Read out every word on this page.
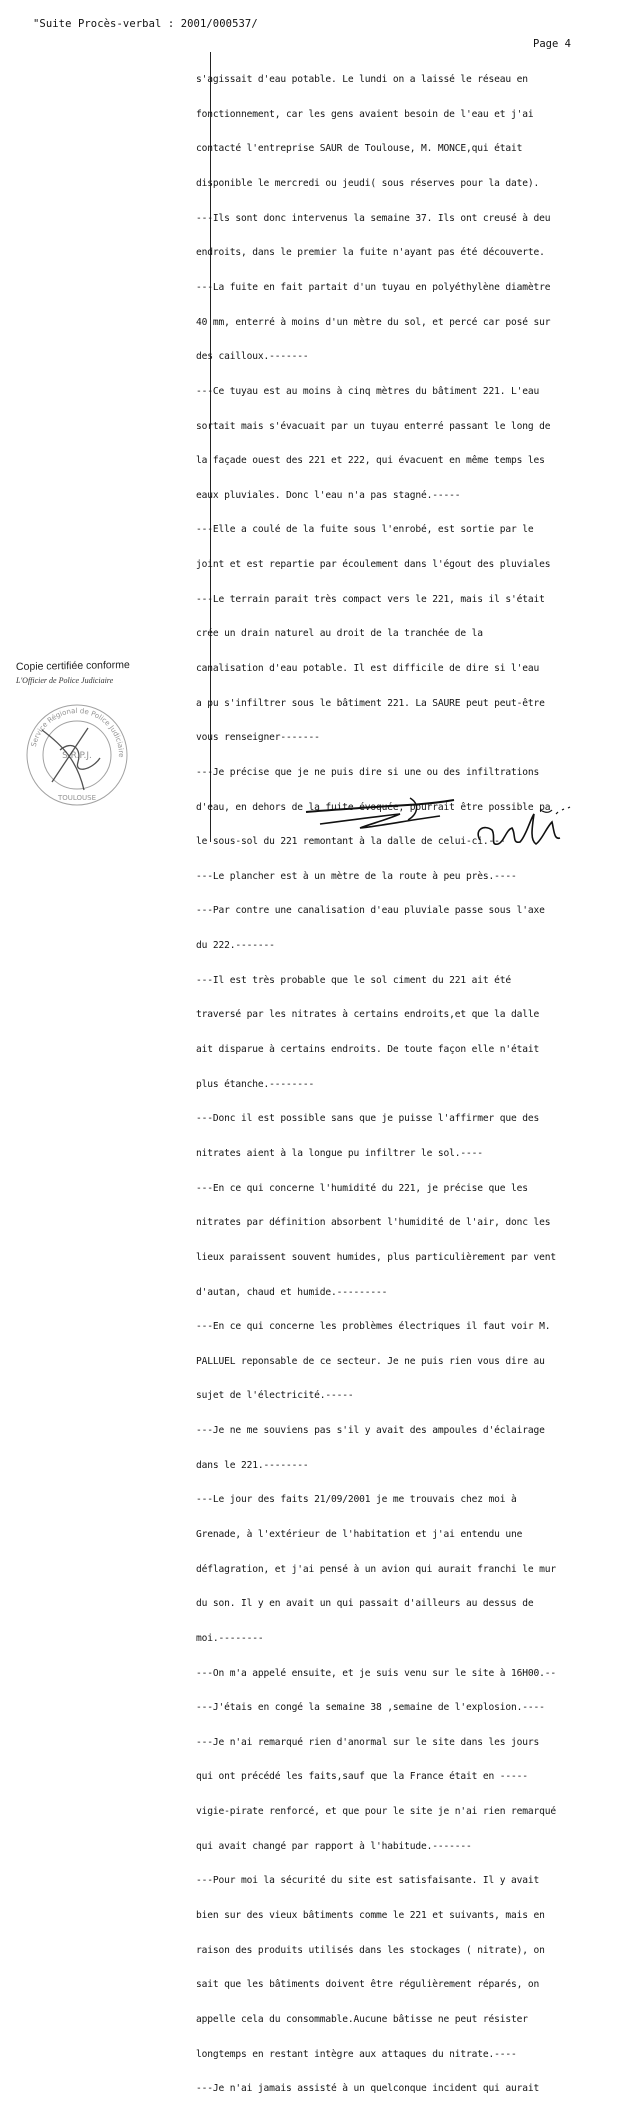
"Suite Procès-verbal : 2001/000537/
Page 4

s'agissait d'eau potable. Le lundi on a laissé le réseau en

fonctionnement, car les gens avaient besoin de l'eau et j'ai

contacté l'entreprise SAUR de Toulouse, M. MONCE,qui était

disponible le mercredi ou jeudi( sous réserves pour la date).

---Ils sont donc intervenus la semaine 37. Ils ont creusé à deu

endroits, dans le premier la fuite n'ayant pas été découverte.

---La fuite en fait partait d'un tuyau en polyéthylène diamètre

40 mm, enterré à moins d'un mètre du sol, et percé car posé sur

des cailloux.-------

---Ce tuyau est au moins à cinq mètres du bâtiment 221. L'eau

sortait mais s'évacuait par un tuyau enterré passant le long de

la façade ouest des 221 et 222, qui évacuent en même temps les

eaux pluviales. Donc l'eau n'a pas stagné.-----

---Elle a coulé de la fuite sous l'enrobé, est sortie par le

joint et est repartie par écoulement dans l'égout des pluviales

---Le terrain parait très compact vers le 221, mais il s'était

crée un drain naturel au droit de la tranchée de la

canalisation d'eau potable. Il est difficile de dire si l'eau

a pu s'infiltrer sous le bâtiment 221. La SAURE peut peut-être

vous renseigner-------

---Je précise que je ne puis dire si une ou des infiltrations

d'eau, en dehors de la fuite évoquée, pourrait être possible pa

le sous-sol du 221 remontant à la dalle de celui-ci.---

---Le plancher est à un mètre de la route à peu près.----

---Par contre une canalisation d'eau pluviale passe sous l'axe

du 222.-------

---Il est très probable que le sol ciment du 221 ait été

traversé par les nitrates à certains endroits,et que la dalle

ait disparue à certains endroits. De toute façon elle n'était

plus étanche.--------

---Donc il est possible sans que je puisse l'affirmer que des

nitrates aient à la longue pu infiltrer le sol.----

---En ce qui concerne l'humidité du 221, je précise que les

nitrates par définition absorbent l'humidité de l'air, donc les

lieux paraissent souvent humides, plus particulièrement par vent

d'autan, chaud et humide.---------

---En ce qui concerne les problèmes électriques il faut voir M.

PALLUEL reponsable de ce secteur. Je ne puis rien vous dire au

sujet de l'électricité.-----

---Je ne me souviens pas s'il y avait des ampoules d'éclairage

dans le 221.--------

---Le jour des faits 21/09/2001 je me trouvais chez moi à

Grenade, à l'extérieur de l'habitation et j'ai entendu une

déflagration, et j'ai pensé à un avion qui aurait franchi le mur

du son. Il y en avait un qui passait d'ailleurs au dessus de

moi.--------

---On m'a appelé ensuite, et je suis venu sur le site à 16H00.--

---J'étais en congé la semaine 38 ,semaine de l'explosion.----

---Je n'ai remarqué rien d'anormal sur le site dans les jours

qui ont précédé les faits,sauf que la France était en -----

vigie-pirate renforcé, et que pour le site je n'ai rien remarqué

qui avait changé par rapport à l'habitude.-------

---Pour moi la sécurité du site est satisfaisante. Il y avait

bien sur des vieux bâtiments comme le 221 et suivants, mais en

raison des produits utilisés dans les stockages ( nitrate), on

sait que les bâtiments doivent être régulièrement réparés, on

appelle cela du consommable.Aucune bâtisse ne peut résister

longtemps en restant intègre aux attaques du nitrate.----

---Je n'ai jamais assisté à un quelconque incident qui aurait

Copie certifiée conforme
L'Officier de Police Judiciaire
Service Régional de Police Judiciaire
S.R.P.J.
TOULOUSE
